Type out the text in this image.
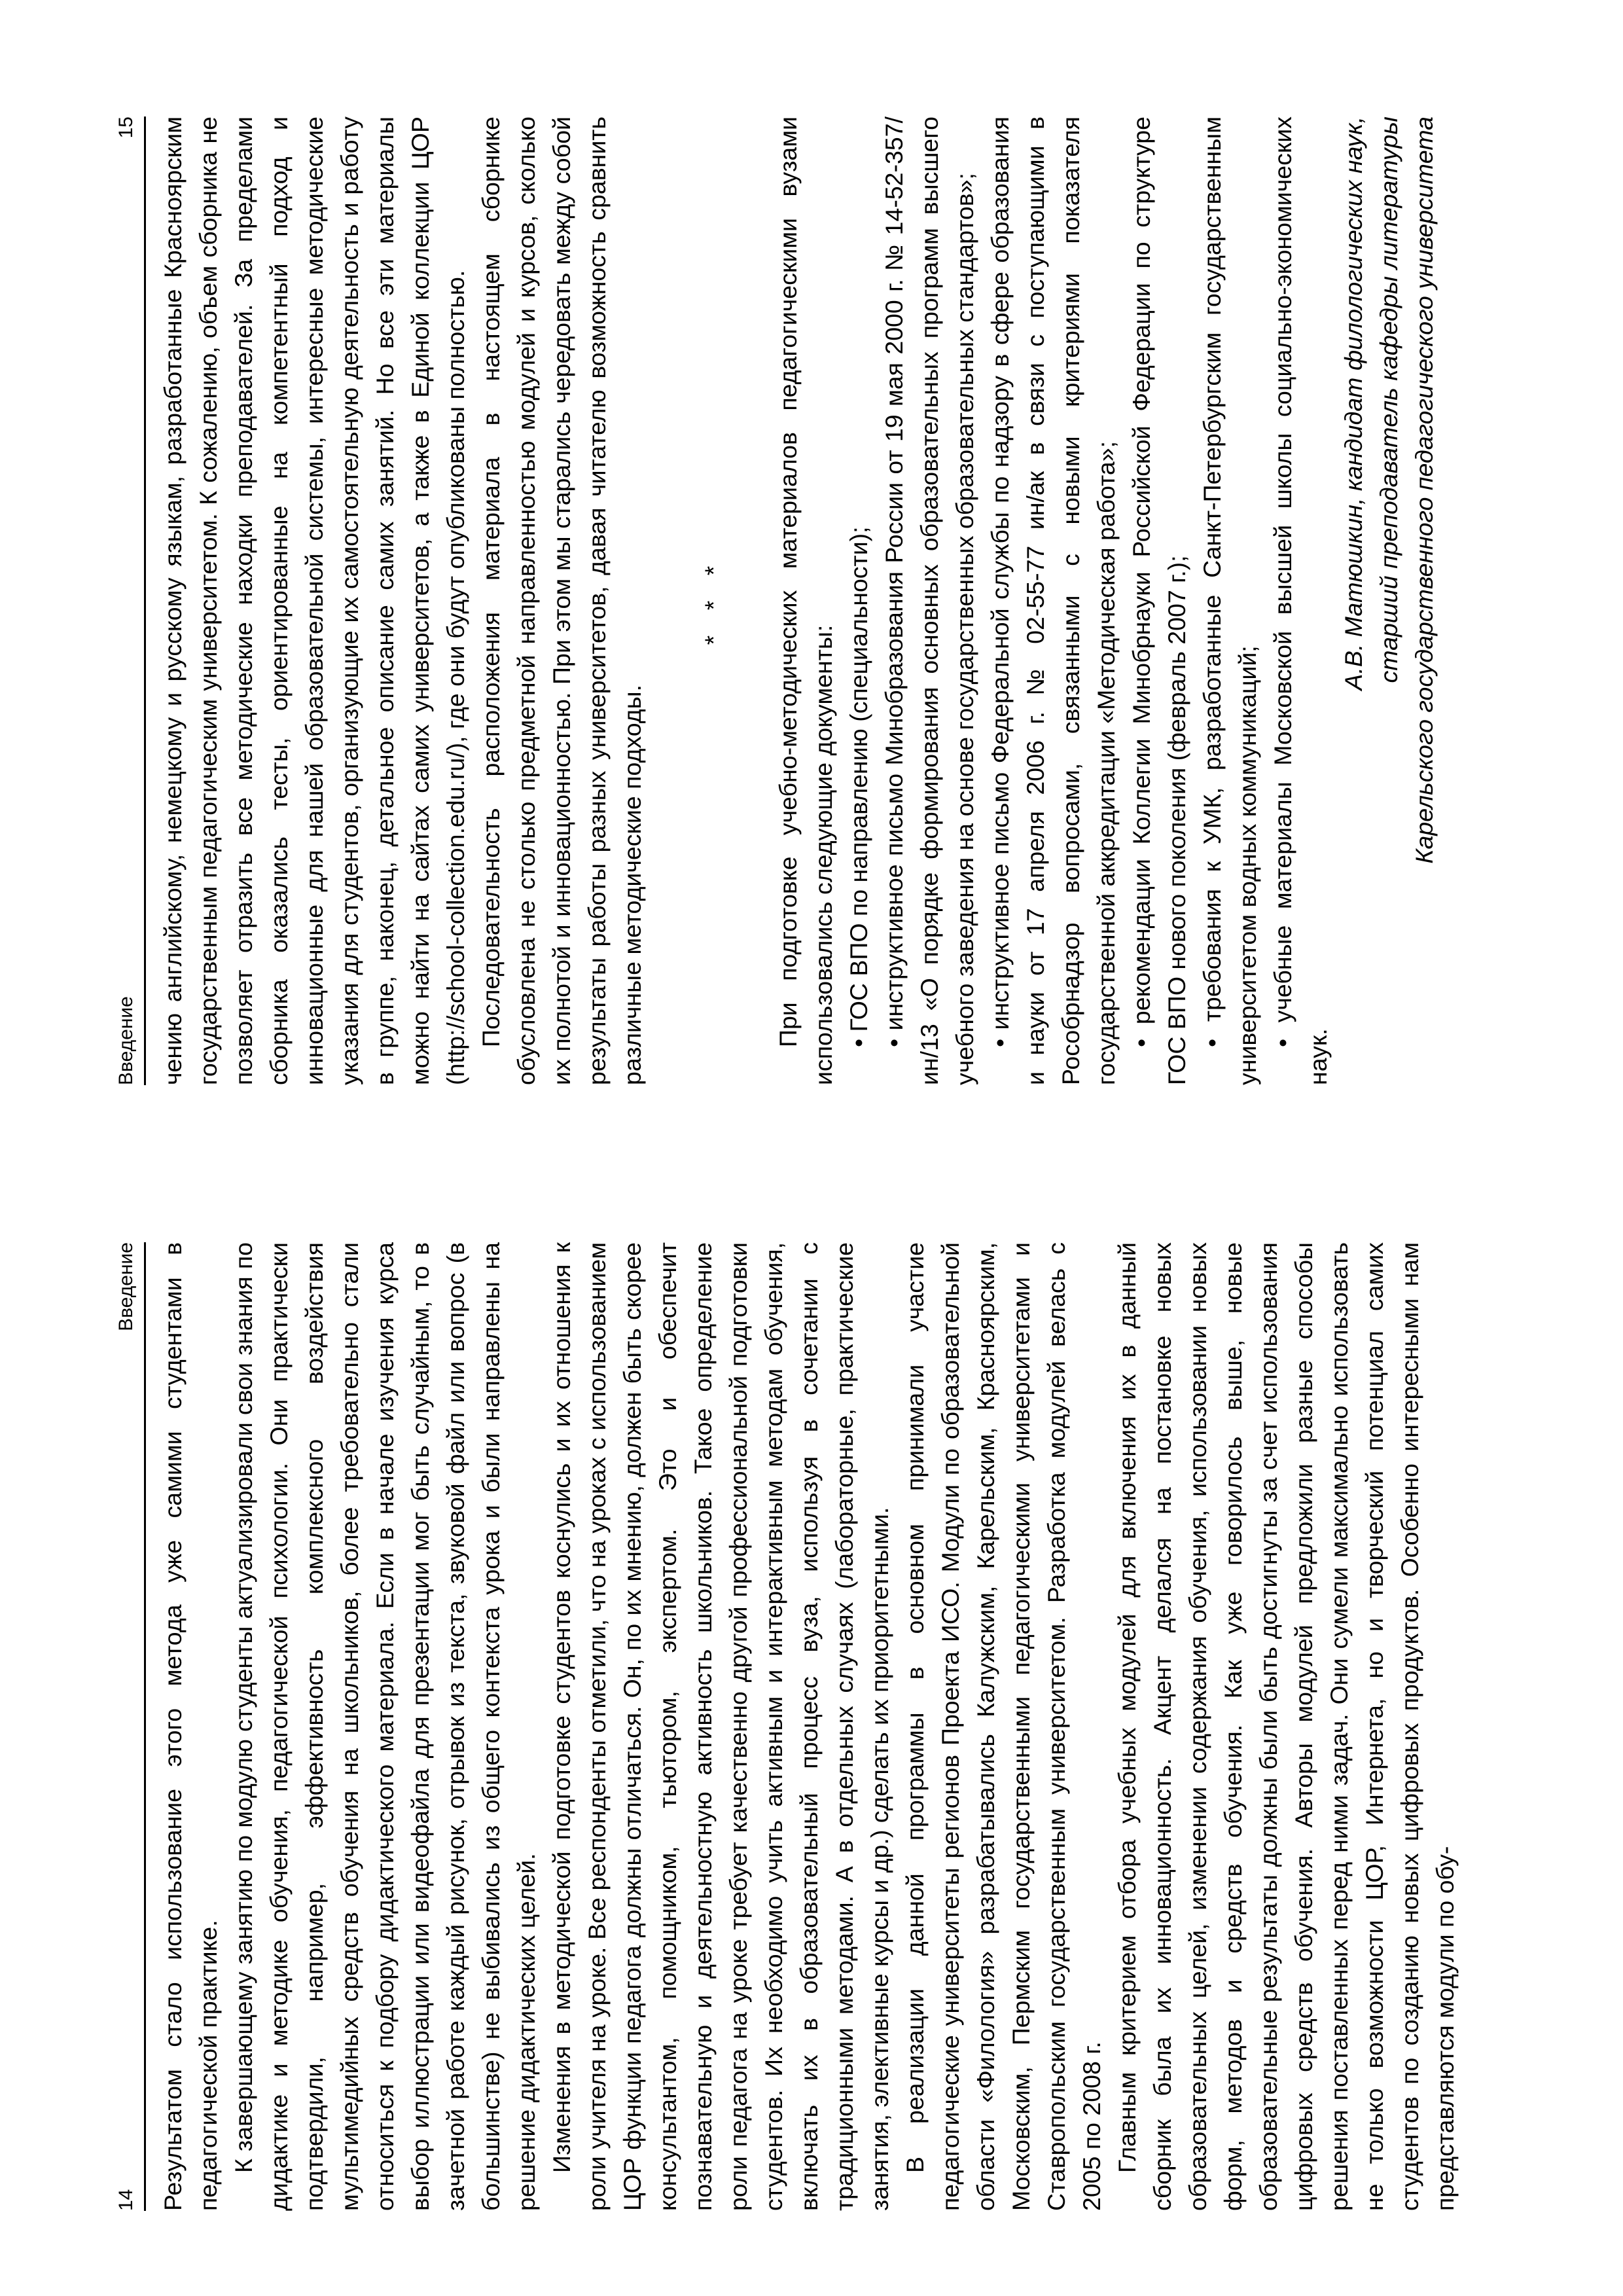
14
Введение Результатом стало использование этого метода уже самими студентами в педагогической практике. К завершающему занятию по модулю студенты актуализировали свои знания по дидактике и методике обучения, педагогической психологии. Они практически подтвердили, например, эффективность комплексного воздействия мультимедийных средств обучения на школьников, более требовательно стали относиться к подбору дидактического материала. Если в начале изучения курса выбор иллюстрации или видеофайла для презентации мог быть случайным, то в зачетной работе каждый рисунок, отрывок из текста, звуковой файл или вопрос (в большинстве) не выбивались из общего контекста урока и были направлены на решение дидактических целей. Изменения в методической подготовке студентов коснулись и их отношения к роли учителя на уроке. Все респонденты отметили, что на уроках с использованием ЦОР функции педагога должны отличаться. Он, по их мнению, должен быть скорее консультантом, помощником, тьютором, экспертом. Это и обеспечит познавательную и деятельностную активность школьников. Такое определение роли педагога на уроке требует качественно другой профессиональной подготовки студентов. Их необходимо учить активным и интерактивным методам обучения, включать их в образовательный процесс вуза, используя в сочетании с традиционными методами. А в отдельных случаях (лабораторные, практические занятия, элективные курсы и др.) сделать их приоритетными. В реализации данной программы в основном принимали участие педагогические университеты регионов Проекта ИСО. Модули по образовательной области «Филология» разрабатывались Калужским, Карельским, Красноярским, Московским, Пермским государственными педагогическими университетами и Ставропольским государственным университетом. Разработка модулей велась с 2005 по 2008 г. Главным критерием отбора учебных модулей для включения их в данный сборник была их инновационность. Акцент делался на постановке новых образовательных целей, изменении содержания обучения, использовании новых форм, методов и средств обучения. Как уже говорилось выше, новые образовательные результаты должны были быть достигнуты за счет использования цифровых средств обучения. Авторы модулей предложили разные способы решения поставленных перед ними задач. Они сумели максимально использовать не только возможности ЦОР, Интернета, но и творческий потенциал самих студентов по созданию новых цифровых продуктов. Особенно интересными нам представляются модули по обу-

Введение
15 чению английскому, немецкому и русскому языкам, разработанные Красноярским государственным педагогическим университетом. К сожалению, объем сборника не позволяет отразить все методические находки преподавателей. За пределами сборника оказались тесты, ориентированные на компетентный подход и инновационные для нашей образовательной системы, интересные методические указания для студентов, организующие их самостоятельную деятельность и работу в группе, наконец, детальное описание самих занятий. Но все эти материалы можно найти на сайтах самих университетов, а также в Единой коллекции ЦОР (http://school-collection.edu.ru/), где они будут опубликованы полностью. Последовательность расположения материала в настоящем сборнике обусловлена не столько предметной направленностью модулей и курсов, сколько их полнотой и инновационностью. При этом мы старались чередовать между собой результаты работы разных университетов, давая читателю возможность сравнить различные методические подходы.

* * * При подготовке учебно-методических материалов педагогическими вузами использовались следующие документы: • ГОС ВПО по направлению (специальности); • инструктивное письмо Минобразования России от 19 мая 2000 г. № 14-52-357/ин/13 «О порядке формирования основных образовательных программ высшего учебного заведения на основе государственных образовательных стандартов»; • инструктивное письмо Федеральной службы по надзору в сфере образования и науки от 17 апреля 2006 г. № 02-55-77 ин/ак в связи с поступающими в Рособрнадзор вопросами, связанными с новыми критериями показателя государственной аккредитации «Методическая работа»; • рекомендации Коллегии Минобрнауки Российской Федерации по структуре ГОС ВПО нового поколения (февраль 2007 г.); • требования к УМК, разработанные Санкт-Петербургским государственным университетом водных коммуникаций; • учебные материалы Московской высшей школы социально-экономических наук.

А.В. Матюшкин, кандидат филологических наук, старший преподаватель кафедры литературы Карельского государственного педагогического университета
